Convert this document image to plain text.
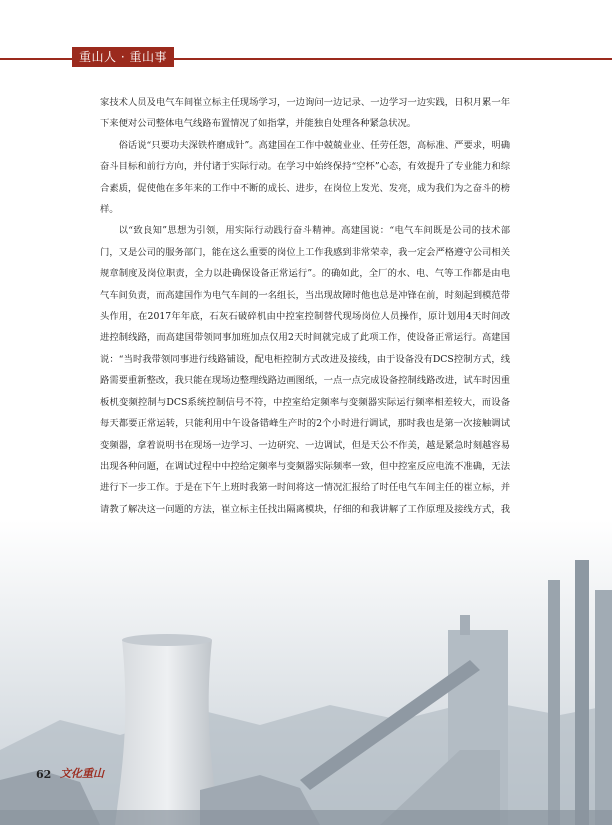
重山人 · 重山事

家技术人员及电气车间崔立标主任现场学习，一边询问一边记录、一边学习一边实践，日积月累一年下来便对公司整体电气线路布置情况了如指掌，并能独自处理各种紧急状况。

俗话说“只要功夫深铁杵磨成针”。高建国在工作中兢兢业业、任劳任怨，高标准、严要求，明确奋斗目标和前行方向，并付诸于实际行动。在学习中始终保持“空杯”心态，有效提升了专业能力和综合素质，促使他在多年来的工作中不断的成长、进步，在岗位上发光、发亮，成为我们为之奋斗的榜样。

以“致良知”思想为引领，用实际行动践行奋斗精神。高建国说：“电气车间既是公司的技术部门，又是公司的服务部门，能在这么重要的岗位上工作我感到非常荣幸，我一定会严格遵守公司相关规章制度及岗位职责，全力以赴确保设备正常运行”。的确如此，全厂的水、电、气等工作都是由电气车间负责，而高建国作为电气车间的一名组长，当出现故障时他也总是冲锋在前，时刻起到模范带头作用，在2017年年底，石灰石破碎机由中控室控制替代现场岗位人员操作，原计划用4天时间改进控制线路，而高建国带领同事加班加点仅用2天时间就完成了此项工作，使设备正常运行。高建国说：“当时我带领同事进行线路铺设，配电柜控制方式改进及接线，由于设备没有DCS控制方式，线路需要重新整改，我只能在现场边整理线路边画图纸，一点一点完成设备控制线路改进，试车时因重板机变频控制与DCS系统控制信号不符，中控室给定频率与变频器实际运行频率相差较大，而设备每天都要正常运转，只能利用中午设备错峰生产时的2个小时进行调试，那时我也是第一次接触调试变频器，拿着说明书在现场一边学习、一边研究、一边调试，但是天公不作美，越是紧急时刻越容易出现各种问题，在调试过程中中控给定频率与变频器实际频率一致，但中控室反应电流不准确，无法进行下一步工作。于是在下午上班时我第一时间将这一情况汇报给了时任电气车间主任的崔立标，并请教了解决这一问题的方法，崔立标主任找出隔离模块，仔细的和我讲解了工作原理及接线方式，我

62 文化重山
